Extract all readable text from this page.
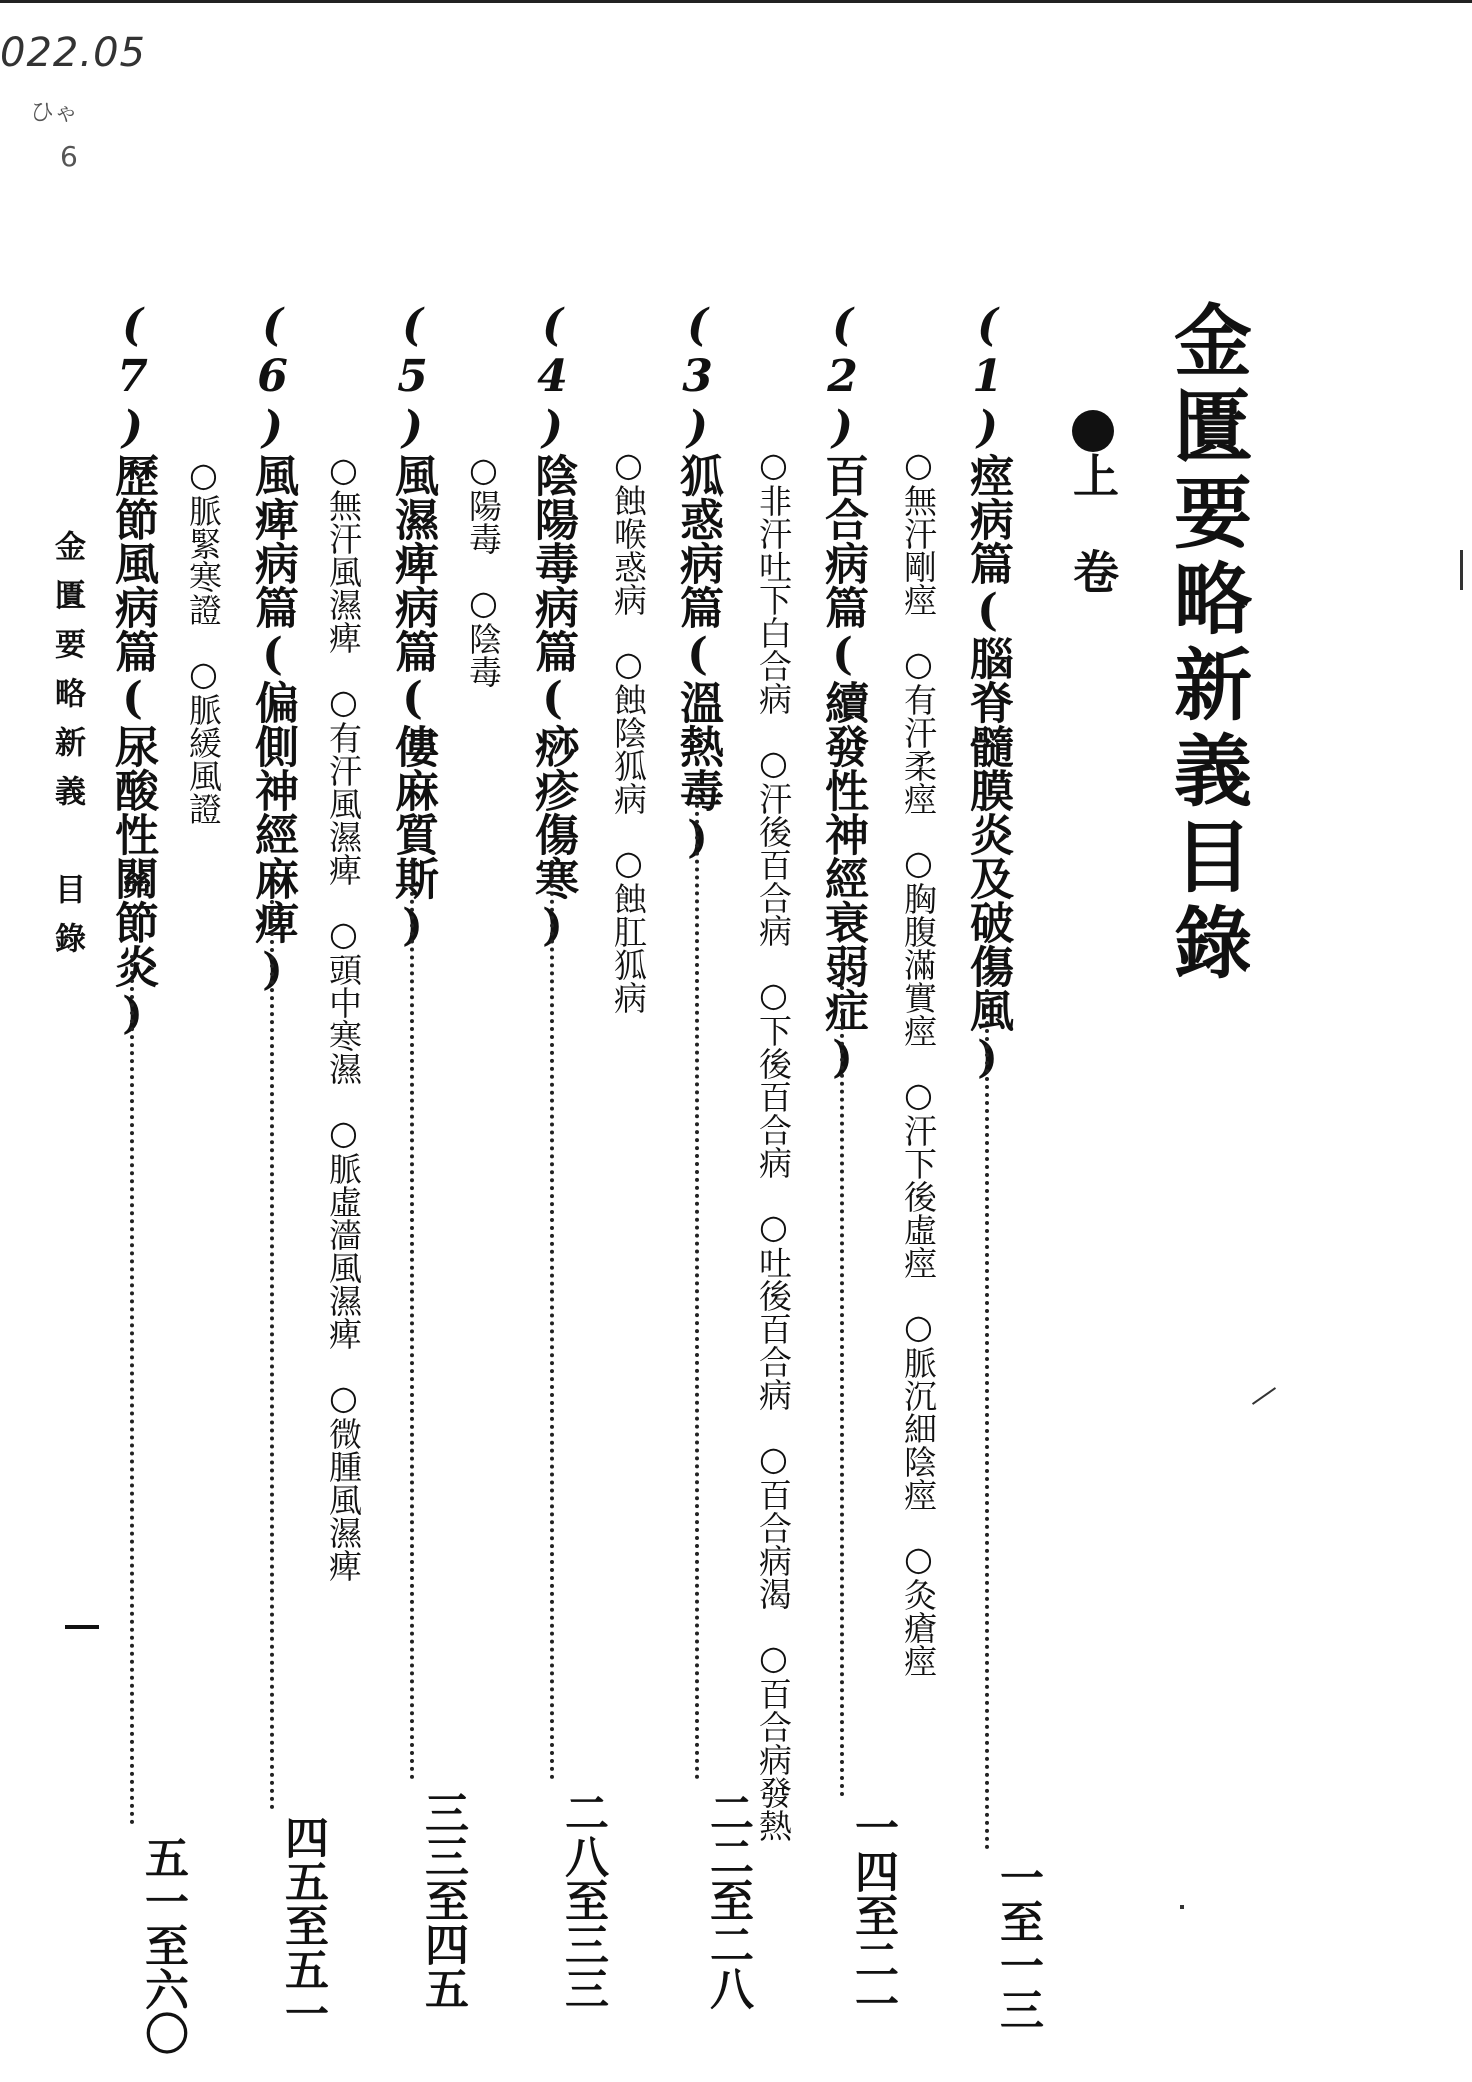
022.05
ひゃ
6
金匱要略新義目錄
上卷
(1)痙病篇(腦脊髓膜炎及破傷風)
一至一三
○無汗剛痙○有汗柔痙○胸腹滿實痙○汗下後虛痙○脈沉細陰痙○灸瘡痙
(2)百合病篇(續發性神經衰弱症)
一四至二一
○非汗吐下白合病○汗後百合病○下後百合病○吐後百合病○百合病渴○百合病發熱
(3)狐惑病篇(溫熱毒)
二二至二八
○蝕喉惑病○蝕陰狐病○蝕肛狐病
(4)陰陽毒病篇(痧疹傷寒)
二八至三三
○陽毒○陰毒
(5)風濕痺病篇(僂麻質斯)
三三至四五
○無汗風濕痺○有汗風濕痺○頭中寒濕○脈虛濇風濕痺○微腫風濕痺
(6)風痺病篇(偏側神經麻痺)
四五至五一
○脈緊寒證○脈緩風證
(7)歷節風病篇(尿酸性關節炎)
五一至六〇
金匱要略新義　目錄
